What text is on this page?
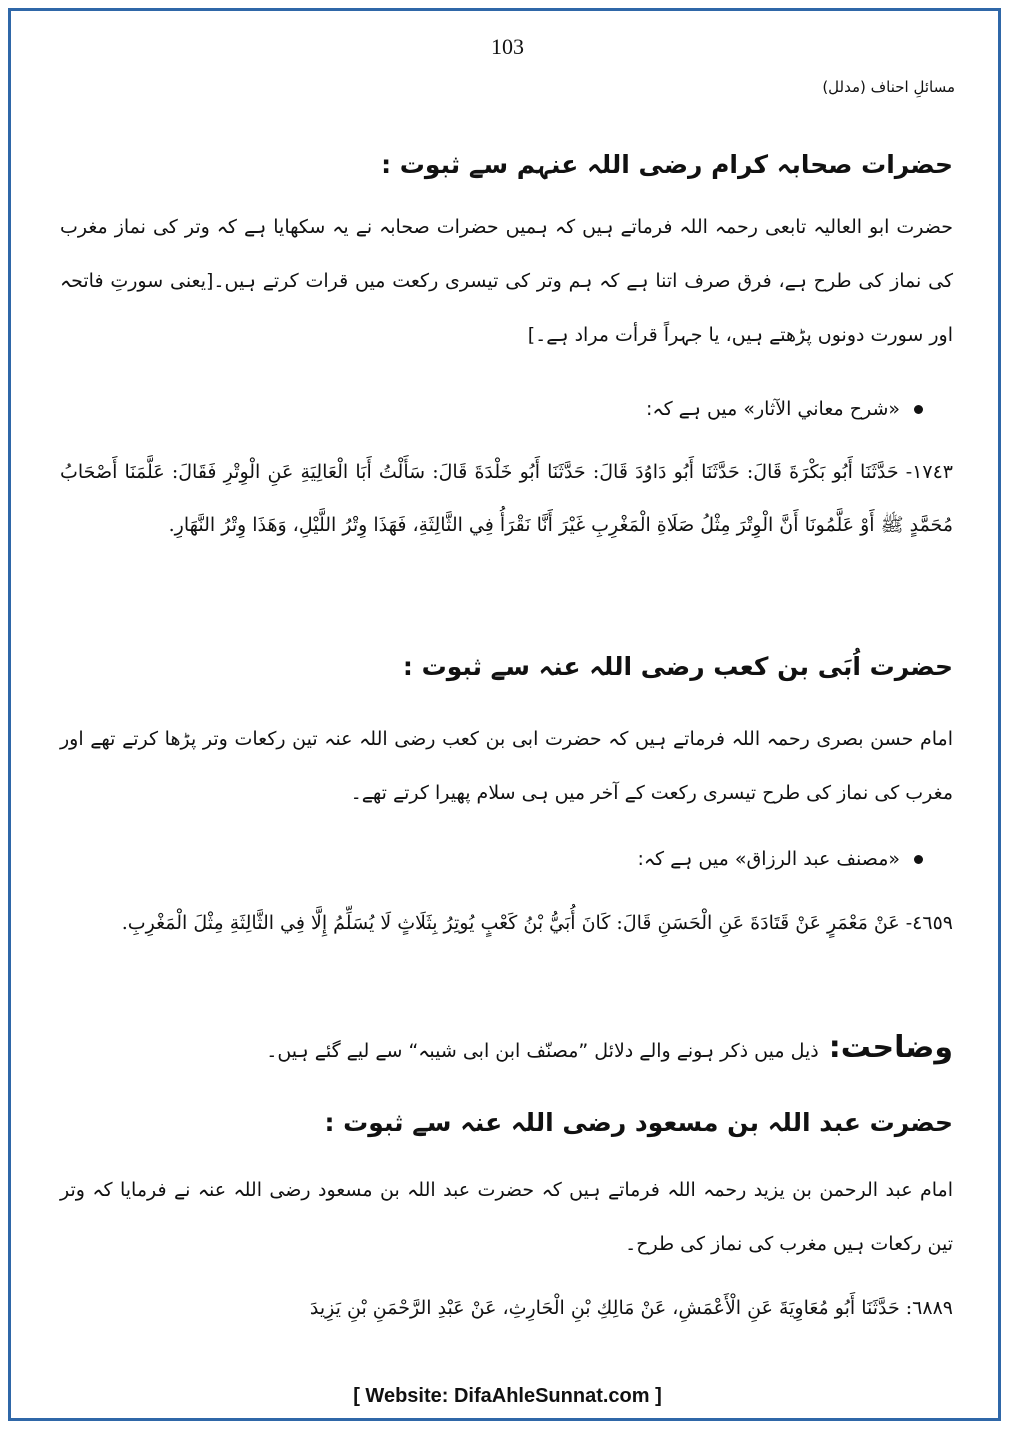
103
مسائلِ احناف (مدلل)
حضرات صحابہ کرام رضی اللہ عنہم سے ثبوت :
حضرت ابو العالیہ تابعی رحمہ اللہ فرماتے ہیں کہ ہمیں حضرات صحابہ نے یہ سکھایا ہے کہ وتر کی نماز مغرب کی نماز کی طرح ہے، فرق صرف اتنا ہے کہ ہم وتر کی تیسری رکعت میں قرات کرتے ہیں۔[یعنی سورتِ فاتحہ اور سورت دونوں پڑھتے ہیں، یا جہراً قرأت مراد ہے۔]
«شرح معاني الآثار» میں ہے کہ:
١٧٤٣- حَدَّثَنَا أَبُو بَكْرَةَ قَالَ: حَدَّثَنَا أَبُو دَاوُدَ قَالَ: حَدَّثَنَا أَبُو خَلْدَةَ قَالَ: سَأَلْتُ أَبَا الْعَالِيَةِ عَنِ الْوِتْرِ فَقَالَ: عَلَّمَنَا أَصْحَابُ مُحَمَّدٍ ﷺ أَوْ عَلَّمُونَا أَنَّ الْوِتْرَ مِثْلُ صَلَاةِ الْمَغْرِبِ غَيْرَ أَنَّا نَقْرَأُ فِي الثَّالِثَةِ، فَهَذَا وِتْرُ اللَّيْلِ، وَهَذَا وِتْرُ النَّهَارِ.
حضرت اُبَی بن کعب رضی اللہ عنہ سے ثبوت :
امام حسن بصری رحمہ اللہ فرماتے ہیں کہ حضرت ابی بن کعب رضی اللہ عنہ تین رکعات وتر پڑھا کرتے تھے اور مغرب کی نماز کی طرح تیسری رکعت کے آخر میں ہی سلام پھیرا کرتے تھے۔
«مصنف عبد الرزاق» میں ہے کہ:
٤٦٥٩- عَنْ مَعْمَرٍ عَنْ قَتَادَةَ عَنِ الْحَسَنِ قَالَ: كَانَ أُبَيُّ بْنُ كَعْبٍ يُوتِرُ بِثَلَاثٍ لَا يُسَلِّمُ إِلَّا فِي الثَّالِثَةِ مِثْلَ الْمَغْرِبِ.
وضاحت:ذیل میں ذکر ہونے والے دلائل ”مصنّف ابن ابی شیبہ“ سے لیے گئے ہیں۔
حضرت عبد اللہ بن مسعود رضی اللہ عنہ سے ثبوت :
امام عبد الرحمن بن یزید رحمہ اللہ فرماتے ہیں کہ حضرت عبد اللہ بن مسعود رضی اللہ عنہ نے فرمایا کہ وتر تین رکعات ہیں مغرب کی نماز کی طرح۔
٦٨٨٩: حَدَّثَنَا أَبُو مُعَاوِيَةَ عَنِ الْأَعْمَشِ، عَنْ مَالِكِ بْنِ الْحَارِثِ، عَنْ عَبْدِ الرَّحْمَنِ بْنِ يَزِيدَ
[ Website: DifaAhleSunnat.com ]
